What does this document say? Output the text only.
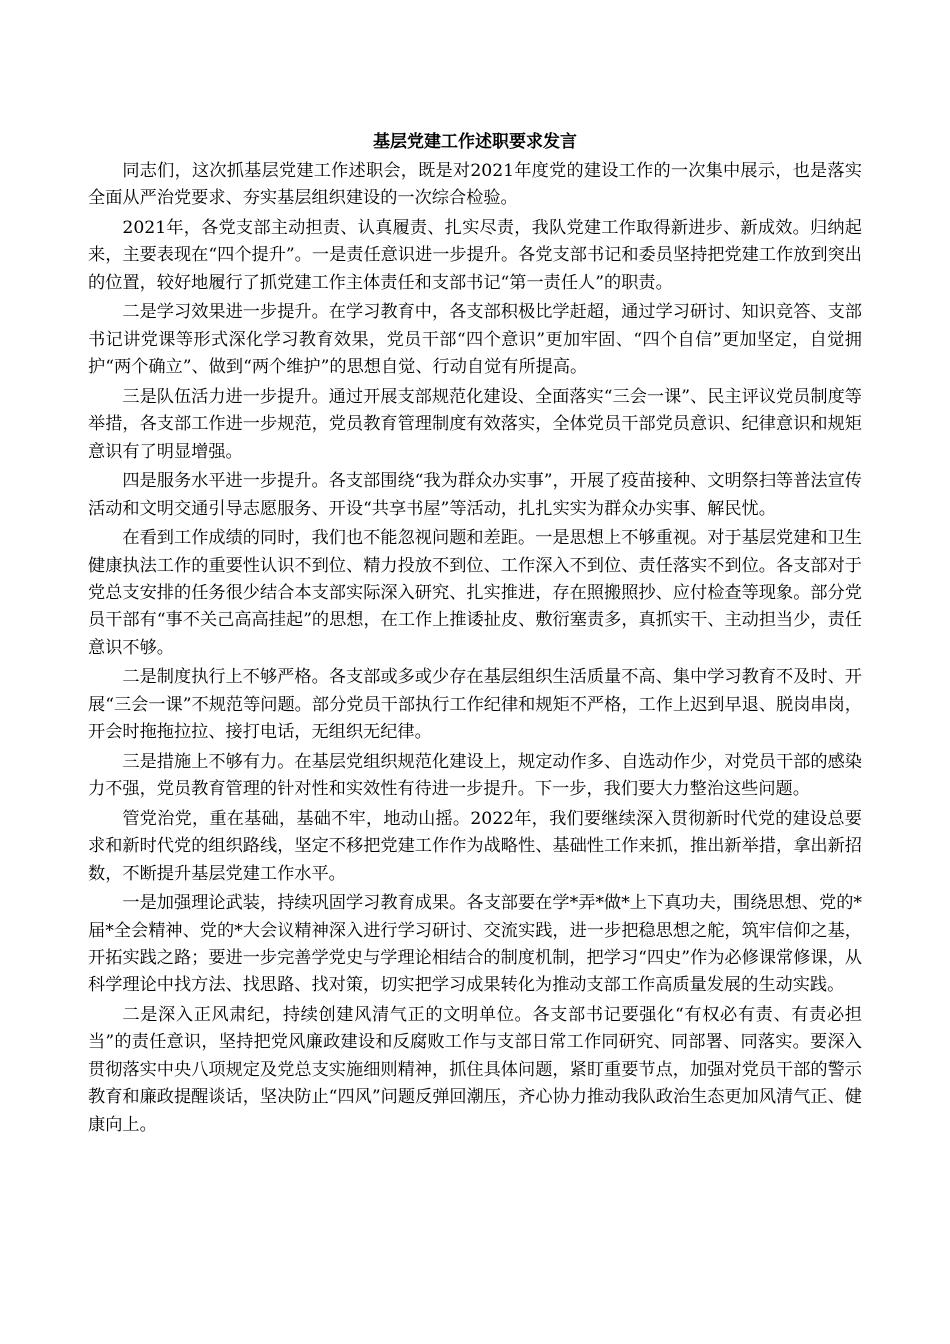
基层党建工作述职要求发言

同志们，这次抓基层党建工作述职会，既是对2021年度党的建设工作的一次集中展示，也是落实全面从严治党要求、夯实基层组织建设的一次综合检验。

2021年，各党支部主动担责、认真履责、扎实尽责，我队党建工作取得新进步、新成效。归纳起来，主要表现在“四个提升”。一是责任意识进一步提升。各党支部书记和委员坚持把党建工作放到突出的位置，较好地履行了抓党建工作主体责任和支部书记“第一责任人”的职责。

二是学习效果进一步提升。在学习教育中，各支部积极比学赶超，通过学习研讨、知识竞答、支部书记讲党课等形式深化学习教育效果，党员干部“四个意识”更加牢固、“四个自信”更加坚定，自觉拥护“两个确立”、做到“两个维护”的思想自觉、行动自觉有所提高。

三是队伍活力进一步提升。通过开展支部规范化建设、全面落实“三会一课”、民主评议党员制度等举措，各支部工作进一步规范，党员教育管理制度有效落实，全体党员干部党员意识、纪律意识和规矩意识有了明显增强。

四是服务水平进一步提升。各支部围绕“我为群众办实事”，开展了疫苗接种、文明祭扫等普法宣传活动和文明交通引导志愿服务、开设“共享书屋”等活动，扎扎实实为群众办实事、解民忧。

在看到工作成绩的同时，我们也不能忽视问题和差距。一是思想上不够重视。对于基层党建和卫生健康执法工作的重要性认识不到位、精力投放不到位、工作深入不到位、责任落实不到位。各支部对于党总支安排的任务很少结合本支部实际深入研究、扎实推进，存在照搬照抄、应付检查等现象。部分党员干部有“事不关己高高挂起”的思想，在工作上推诿扯皮、敷衍塞责多，真抓实干、主动担当少，责任意识不够。

二是制度执行上不够严格。各支部或多或少存在基层组织生活质量不高、集中学习教育不及时、开展“三会一课”不规范等问题。部分党员干部执行工作纪律和规矩不严格，工作上迟到早退、脱岗串岗，开会时拖拖拉拉、接打电话，无组织无纪律。

三是措施上不够有力。在基层党组织规范化建设上，规定动作多、自选动作少，对党员干部的感染力不强，党员教育管理的针对性和实效性有待进一步提升。下一步，我们要大力整治这些问题。

管党治党，重在基础，基础不牢，地动山摇。2022年，我们要继续深入贯彻新时代党的建设总要求和新时代党的组织路线，坚定不移把党建工作作为战略性、基础性工作来抓，推出新举措，拿出新招数，不断提升基层党建工作水平。

一是加强理论武装，持续巩固学习教育成果。各支部要在学*弄*做*上下真功夫，围绕思想、党的*届*全会精神、党的*大会议精神深入进行学习研讨、交流实践，进一步把稳思想之舵，筑牢信仰之基，开拓实践之路；要进一步完善学党史与学理论相结合的制度机制，把学习“四史”作为必修课常修课，从科学理论中找方法、找思路、找对策，切实把学习成果转化为推动支部工作高质量发展的生动实践。

二是深入正风肃纪，持续创建风清气正的文明单位。各支部书记要强化“有权必有责、有责必担当”的责任意识，坚持把党风廉政建设和反腐败工作与支部日常工作同研究、同部署、同落实。要深入贯彻落实中央八项规定及党总支实施细则精神，抓住具体问题，紧盯重要节点，加强对党员干部的警示教育和廉政提醒谈话，坚决防止“四风”问题反弹回潮压，齐心协力推动我队政治生态更加风清气正、健康向上。
